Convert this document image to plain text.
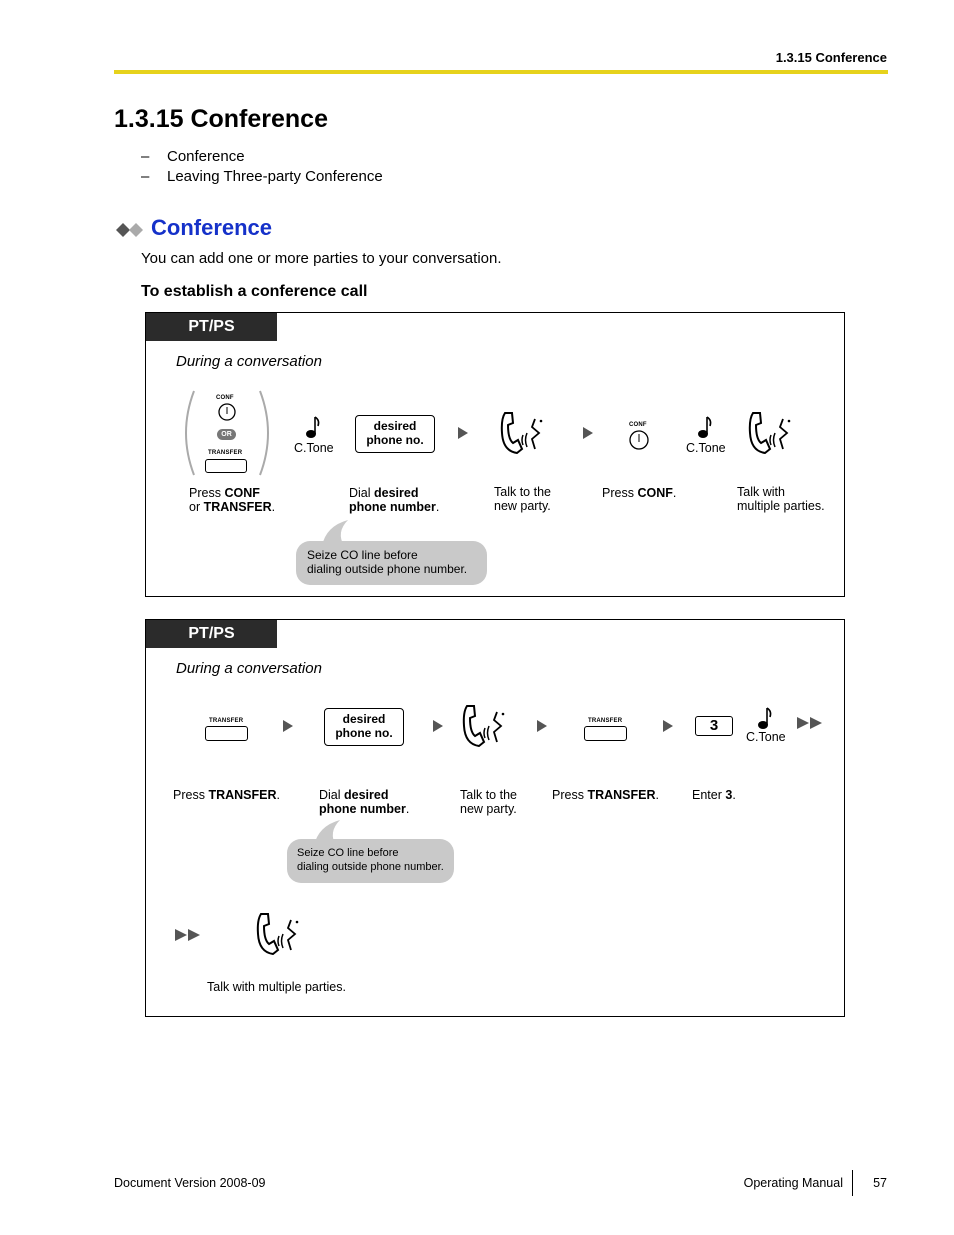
1.3.15 Conference
1.3.15 Conference
– Conference
– Leaving Three-party Conference
Conference
You can add one or more parties to your conversation.
To establish a conference call
PT/PS
During a conversation
CONF
OR
TRANSFER	C.Tone
desired
phone no.
CONF
C.Tone
Press CONF
or TRANSFER.
Dial desired
phone number.
Talk to the
new party.
Press CONF.	Talk with
multiple parties.
Seize CO line before
dialing outside phone number.
PT/PS
During a conversation
TRANSFER	desired
phone no.
TRANSFER	3
C.Tone
Press TRANSFER.	Dial desired
phone number.
Talk to the
new party.
Press TRANSFER.	Enter 3.
Seize CO line before
dialing outside phone number.
Talk with multiple parties.
Document Version 2008-09	Operating Manual	57
